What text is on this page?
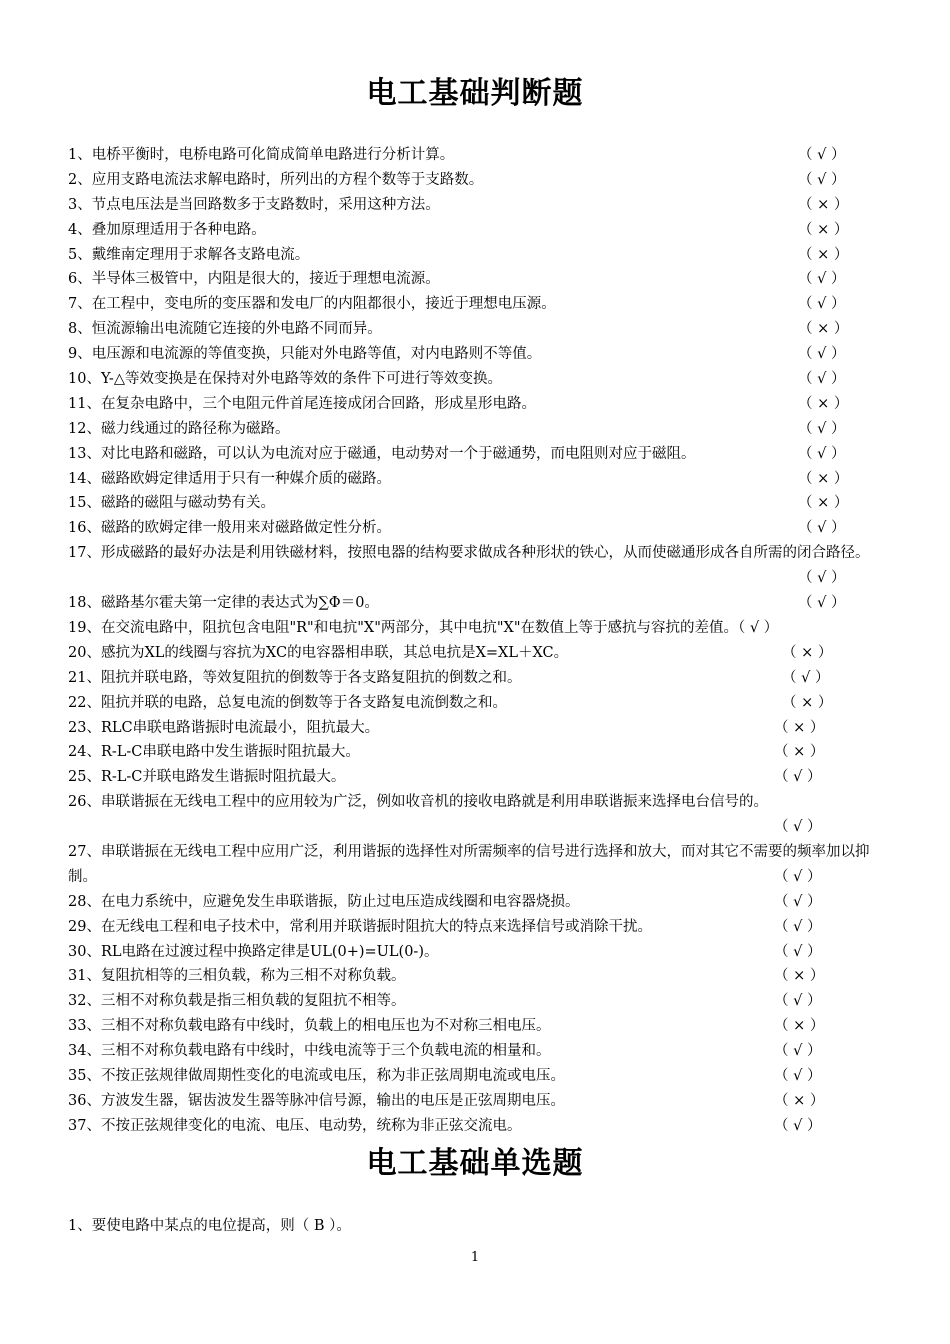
电工基础判断题
1、电桥平衡时，电桥电路可化简成简单电路进行分析计算。	（ √ ）
2、应用支路电流法求解电路时，所列出的方程个数等于支路数。	（ √ ）
3、节点电压法是当回路数多于支路数时，采用这种方法。	（ × ）
4、叠加原理适用于各种电路。	（ × ）
5、戴维南定理用于求解各支路电流。	（ × ）
6、半导体三极管中，内阻是很大的，接近于理想电流源。	（ √ ）
7、在工程中，变电所的变压器和发电厂的内阻都很小，接近于理想电压源。	（ √ ）
8、恒流源输出电流随它连接的外电路不同而异。	（ × ）
9、电压源和电流源的等值变换，只能对外电路等值，对内电路则不等值。	（ √ ）
10、Y-△等效变换是在保持对外电路等效的条件下可进行等效变换。	（ √ ）
11、在复杂电路中，三个电阻元件首尾连接成闭合回路，形成星形电路。	（ × ）
12、磁力线通过的路径称为磁路。	（ √ ）
13、对比电路和磁路，可以认为电流对应于磁通，电动势对一个于磁通势，而电阻则对应于磁阻。	（ √ ）
14、磁路欧姆定律适用于只有一种媒介质的磁路。	（ × ）
15、磁路的磁阻与磁动势有关。	（ × ）
16、磁路的欧姆定律一般用来对磁路做定性分析。	（ √ ）
17、形成磁路的最好办法是利用铁磁材料，按照电器的结构要求做成各种形状的铁心，从而使磁通形成各自所需的闭合路径。
（ √ ）
18、磁路基尔霍夫第一定律的表达式为∑Φ＝0。	（ √ ）
19、在交流电路中，阻抗包含电阻"R"和电抗"X"两部分，其中电抗"X"在数值上等于感抗与容抗的差值。（ √ ）
20、感抗为XL的线圈与容抗为XC的电容器相串联，其总电抗是X=XL＋XC。	（ × ）
21、阻抗并联电路，等效复阻抗的倒数等于各支路复阻抗的倒数之和。	（ √ ）
22、阻抗并联的电路，总复电流的倒数等于各支路复电流倒数之和。	（ × ）
23、RLC串联电路谐振时电流最小，阻抗最大。	（ × ）
24、R-L-C串联电路中发生谐振时阻抗最大。	（ × ）
25、R-L-C并联电路发生谐振时阻抗最大。	（ √ ）
26、串联谐振在无线电工程中的应用较为广泛，例如收音机的接收电路就是利用串联谐振来选择电台信号的。
（ √ ）
27、串联谐振在无线电工程中应用广泛，利用谐振的选择性对所需频率的信号进行选择和放大，而对其它不需要的频率加以抑制。	（ √ ）
28、在电力系统中，应避免发生串联谐振，防止过电压造成线圈和电容器烧损。	（ √ ）
29、在无线电工程和电子技术中，常利用并联谐振时阻抗大的特点来选择信号或消除干扰。	（ √ ）
30、RL电路在过渡过程中换路定律是UL(0+)=UL(0-)。	（ √ ）
31、复阻抗相等的三相负载，称为三相不对称负载。	（ × ）
32、三相不对称负载是指三相负载的复阻抗不相等。	（ √ ）
33、三相不对称负载电路有中线时，负载上的相电压也为不对称三相电压。	（ × ）
34、三相不对称负载电路有中线时，中线电流等于三个负载电流的相量和。	（ √ ）
35、不按正弦规律做周期性变化的电流或电压，称为非正弦周期电流或电压。	（ √ ）
36、方波发生器，锯齿波发生器等脉冲信号源，输出的电压是正弦周期电压。	（ × ）
37、不按正弦规律变化的电流、电压、电动势，统称为非正弦交流电。	（ √ ）
电工基础单选题
1、要使电路中某点的电位提高，则（ B ）。
1
